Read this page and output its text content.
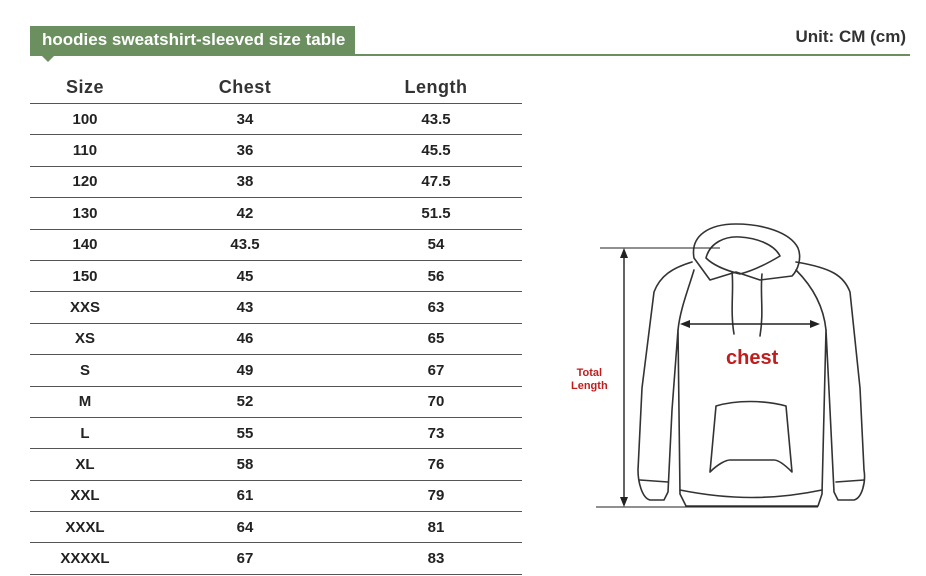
hoodies sweatshirt-sleeved size table	Unit: CM (cm)
Size	Chest	Length
100	34	43.5
110	36	45.5
120	38	47.5
130	42	51.5
140	43.5	54
150	45	56
XXS	43	63
XS	46	65
S	49	67
M	52	70
L	55	73
XL	58	76
XXL	61	79
XXXL	64	81
XXXXL	67	83
Total
Length
chest
